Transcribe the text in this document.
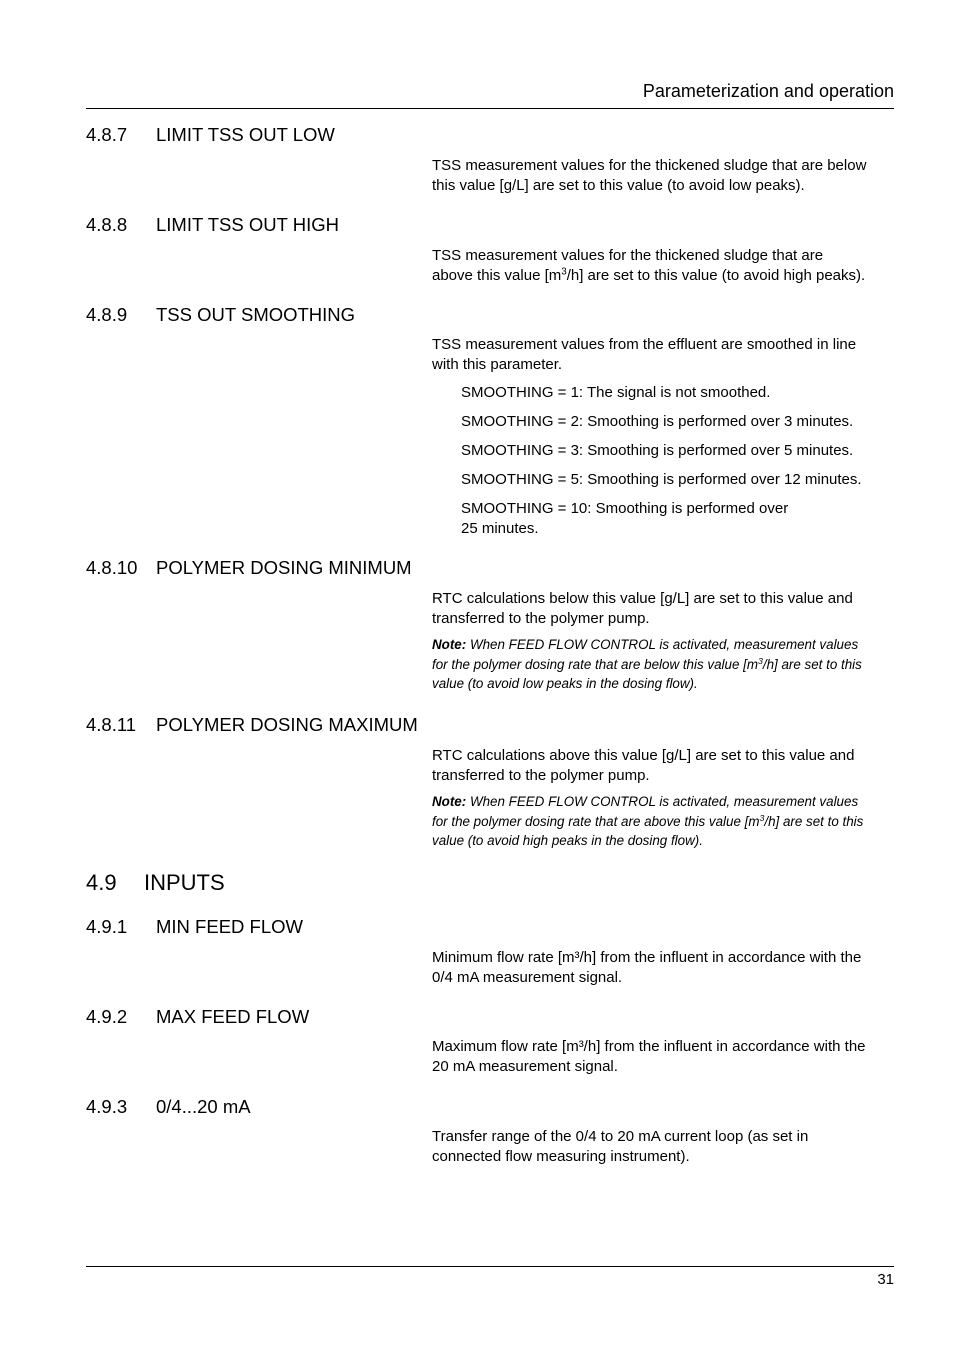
Parameterization and operation
4.8.7 LIMIT TSS OUT LOW
TSS measurement values for the thickened sludge that are below
this value [g/L] are set to this value (to avoid low peaks).
4.8.8 LIMIT TSS OUT HIGH
TSS measurement values for the thickened sludge that are
above this value $[m^3/h]$ are set to this value (to avoid high peaks).
4.8.9 TSS OUT SMOOTHING
TSS measurement values from the effluent are smoothed in line
with this parameter.
SMOOTHING = 1: The signal is not smoothed.
SMOOTHING = 2: Smoothing is performed over 3 minutes.
SMOOTHING = 3: Smoothing is performed over 5 minutes.
SMOOTHING = 5: Smoothing is performed over 12 minutes.
SMOOTHING = 10: Smoothing is performed over
25 minutes.
4.8.10 POLYMER DOSING MINIMUM
RTC calculations below this value [g/L] are set to this value and
transferred to the polymer pump.
Note: When FEED FLOW CONTROL is activated, measurement values
for the polymer dosing rate that are below this value $[m^3/h]$ are set to this
value (to avoid low peaks in the dosing flow).
4.8.11 POLYMER DOSING MAXIMUM
RTC calculations above this value [g/L] are set to this value and
transferred to the polymer pump.
Note: When FEED FLOW CONTROL is activated, measurement values
for the polymer dosing rate that are above this value $[m^3/h]$ are set to this
value (to avoid high peaks in the dosing flow).
4.9 INPUTS
4.9.1 MIN FEED FLOW
Minimum flow rate [m³/h] from the influent in accordance with the
0/4 mA measurement signal.
4.9.2 MAX FEED FLOW
Maximum flow rate [m³/h] from the influent in accordance with the
20 mA measurement signal.
4.9.3 0/4...20 mA
Transfer range of the 0/4 to 20 mA current loop (as set in
connected flow measuring instrument).
31
